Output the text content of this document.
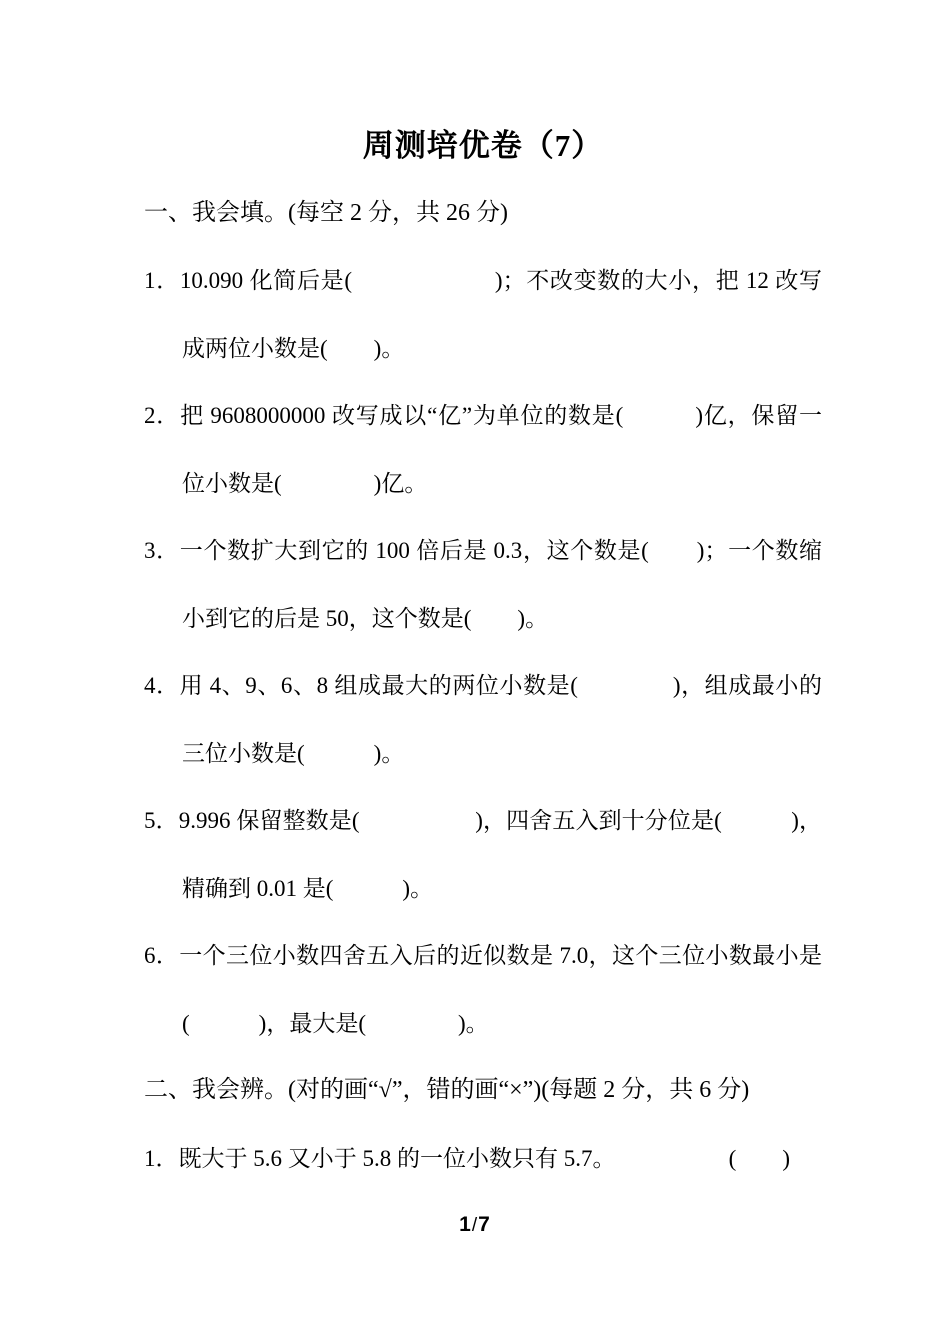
周测培优卷（7）

一、我会填。(每空 2 分，共 26 分)

1．10.090 化简后是(　　　　　　)；不改变数的大小，把 12 改写成两位小数是(　　)。

2．把 9608000000 改写成以“亿”为单位的数是(　　　)亿，保留一位小数是(　　　　)亿。

3．一个数扩大到它的 100 倍后是 0.3，这个数是(　　)；一个数缩小到它的后是 50，这个数是(　　)。

4．用 4、9、6、8 组成最大的两位小数是(　　　　)，组成最小的三位小数是(　　　)。

5．9.996 保留整数是(　　　　　)，四舍五入到十分位是(　　　)，精确到 0.01 是(　　　)。

6．一个三位小数四舍五入后的近似数是 7.0，这个三位小数最小是(　　　)，最大是(　　　　)。

二、我会辨。(对的画“√”，错的画“×”)(每题 2 分，共 6 分)

1．既大于 5.6 又小于 5.8 的一位小数只有 5.7。	(　　)

1/7
